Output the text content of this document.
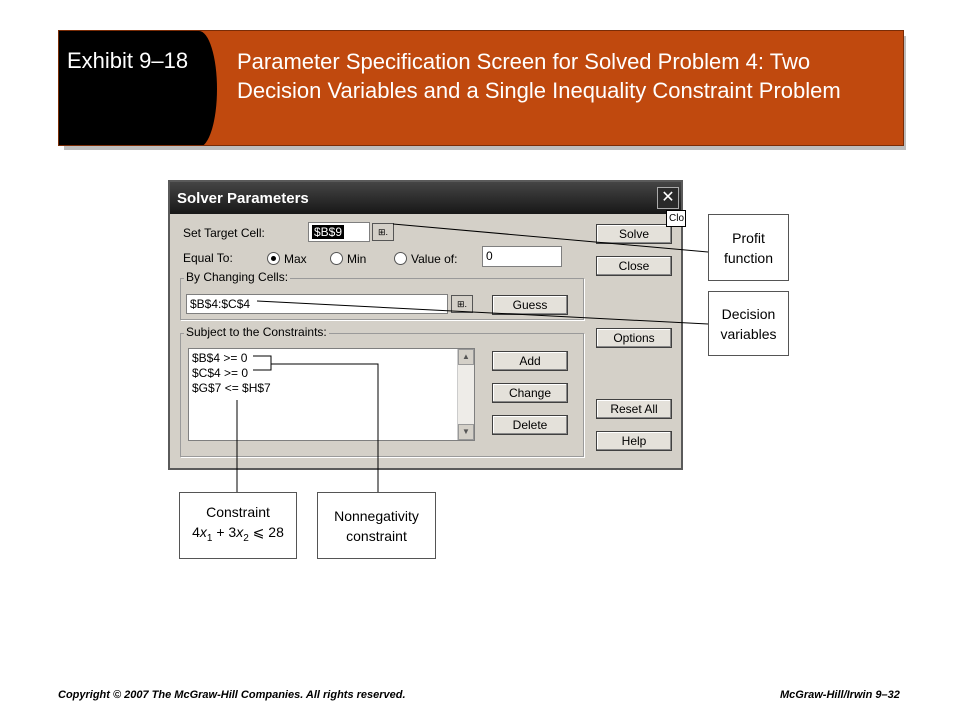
Exhibit 9–18 Parameter Specification Screen for Solved Problem 4: Two Decision Variables and a Single Inequality Constraint Problem
Solver Parameters	✕
Clo
Set Target Cell:	$B$9	⊞.
Equal To:	Max	Min	Value of:	0
By Changing Cells:
$B$4:$C$4	⊞.	Guess
Subject to the Constraints:
$B$4 >= 0
$C$4 >= 0
$G$7 <= $H$7
▲
▼
Add
Change
Delete
Solve
Close
Options
Reset All
Help
Profit
function
Decision
variables
Constraint
$4x_1 + 3x_2$ ⩽ 28
Nonnegativity
constraint
Copyright © 2007 The McGraw-Hill Companies. All rights reserved.	McGraw-Hill/Irwin 9–32
